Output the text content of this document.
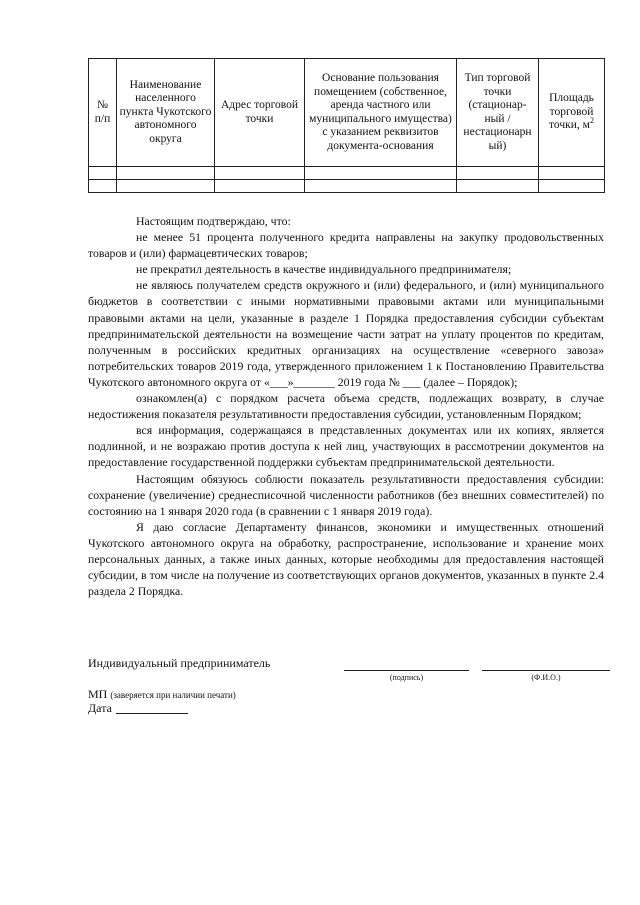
№ п/п	Наименование населенного пункта Чукотского автономного округа	Адрес торговой точки	Основание пользования помещением (собственное, аренда частного или муниципального имущества) с указанием реквизитов документа-основания	Тип торговой точки (стационар-ный / нестационарн ый)	Площадь торговой точки, $м^2$

Настоящим подтверждаю, что:

не менее 51 процента полученного кредита направлены на закупку продовольственных товаров и (или) фармацевтических товаров;

не прекратил деятельность в качестве индивидуального предпринимателя;

не являюсь получателем средств окружного и (или) федерального, и (или) муниципального бюджетов в соответствии с иными нормативными правовыми актами или муниципальными правовыми актами на цели, указанные в разделе 1 Порядка предоставления субсидии субъектам предпринимательской деятельности на возмещение части затрат на уплату процентов по кредитам, полученным в российских кредитных организациях на осуществление «северного завоза» потребительских товаров 2019 года, утвержденного приложением 1 к Постановлению Правительства Чукотского автономного округа от «___»_______ 2019 года № ___ (далее – Порядок);

ознакомлен(а) с порядком расчета объема средств, подлежащих возврату, в случае недостижения показателя результативности предоставления субсидии, установленным Порядком;

вся информация, содержащаяся в представленных документах или их копиях, является подлинной, и не возражаю против доступа к ней лиц, участвующих в рассмотрении документов на предоставление государственной поддержки субъектам предпринимательской деятельности.

Настоящим обязуюсь соблюсти показатель результативности предоставления субсидии: сохранение (увеличение) среднесписочной численности работников (без внешних совместителей) по состоянию на 1 января 2020 года (в сравнении с 1 января 2019 года).

Я даю согласие Департаменту финансов, экономики и имущественных отношений Чукотского автономного округа на обработку, распространение, использование и хранение моих персональных данных, а также иных данных, которые необходимы для предоставления настоящей субсидии, в том числе на получение из соответствующих органов документов, указанных в пункте 2.4 раздела 2 Порядка.

Индивидуальный предприниматель
(подпись)	(Ф.И.О.)
МП (заверяется при наличии печати)
Дата
